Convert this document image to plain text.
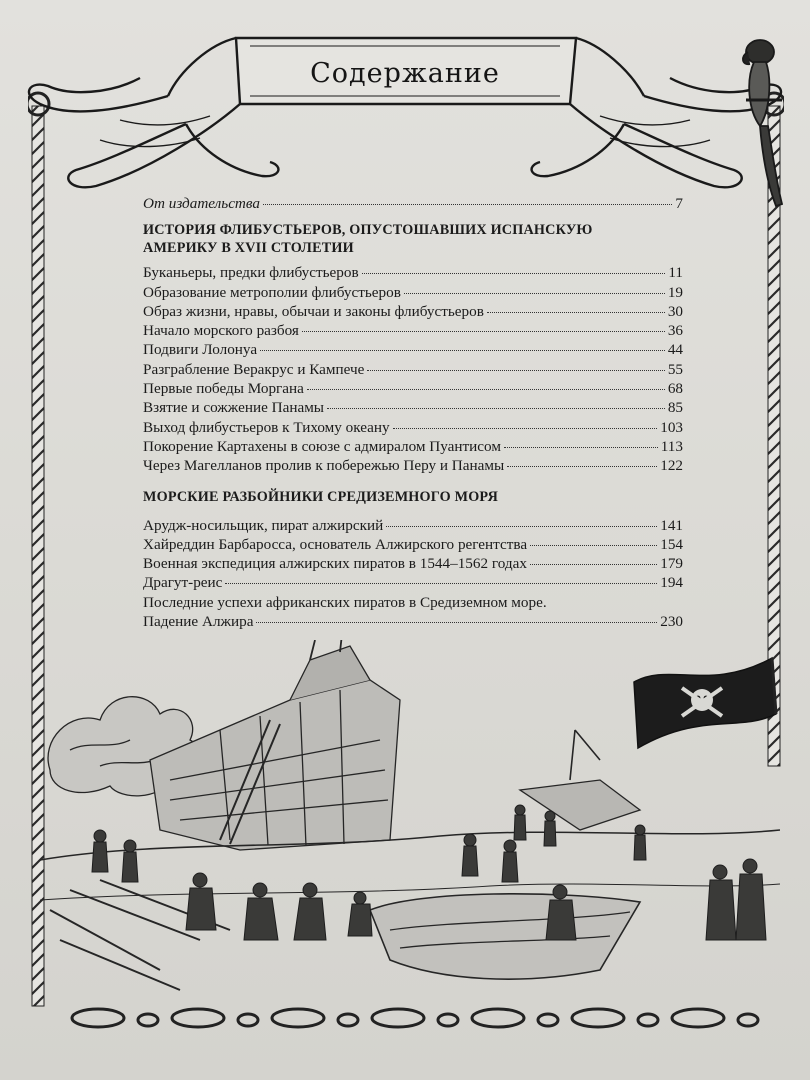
Содержание
От издательства	7
ИСТОРИЯ ФЛИБУСТЬЕРОВ, ОПУСТОШАВШИХ ИСПАНСКУЮ
АМЕРИКУ В XVII СТОЛЕТИИ
Буканьеры, предки флибустьеров	11
Образование метрополии флибустьеров	19
Образ жизни, нравы, обычаи и законы флибустьеров	30
Начало морского разбоя	36
Подвиги Лолонуа	44
Разграбление Веракрус и Кампече	55
Первые победы Моргана	68
Взятие и сожжение Панамы	85
Выход флибустьеров к Тихому океану	103
Покорение Картахены в союзе с адмиралом Пуантисом	113
Через Магелланов пролив к побережью Перу и Панамы	122
МОРСКИЕ РАЗБОЙНИКИ СРЕДИЗЕМНОГО МОРЯ
Арудж-носильщик, пират алжирский	141
Хайреддин Барбаросса, основатель Алжирского регентства	154
Военная экспедиция алжирских пиратов в 1544–1562 годах	179
Драгут-реис	194
Последние успехи африканских пиратов в Средиземном море.
Падение Алжира	230
